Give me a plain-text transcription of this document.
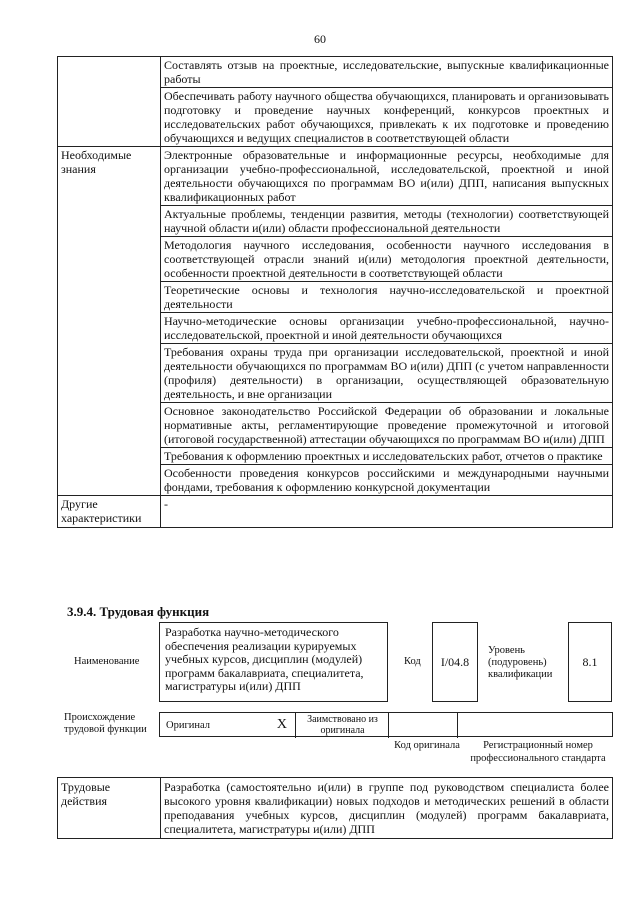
60
	Составлять отзыв на проектные, исследовательские, выпускные квалификационные работы
	Обеспечивать работу научного общества обучающихся, планировать и организовывать подготовку и проведение научных конференций, конкурсов проектных и исследовательских работ обучающихся, привлекать к их подготовке и проведению обучающихся и ведущих специалистов в соответствующей области
Необходимые знания	Электронные образовательные и информационные ресурсы, необходимые для организации учебно-профессиональной, исследовательской, проектной и иной деятельности обучающихся по программам ВО и(или) ДПП, написания выпускных квалификационных работ
	Актуальные проблемы, тенденции развития, методы (технологии) соответствующей научной области и(или) области профессиональной деятельности
	Методология научного исследования, особенности научного исследования в соответствующей отрасли знаний и(или) методология проектной деятельности, особенности проектной деятельности в соответствующей области
	Теоретические основы и технология научно-исследовательской и проектной деятельности
	Научно-методические основы организации учебно-профессиональной, научно-исследовательской, проектной и иной деятельности обучающихся
	Требования охраны труда при организации исследовательской, проектной и иной деятельности обучающихся по программам ВО и(или) ДПП (с учетом направленности (профиля) деятельности) в организации, осуществляющей образовательную деятельность, и вне организации
	Основное законодательство Российской Федерации об образовании и локальные нормативные акты, регламентирующие проведение промежуточной и итоговой (итоговой государственной) аттестации обучающихся по программам ВО и(или) ДПП
	Требования к оформлению проектных и исследовательских работ, отчетов о практике
	Особенности проведения конкурсов российскими и международными научными фондами, требования к оформлению конкурсной документации
Другие характеристики	-
3.9.4. Трудовая функция
Наименование
Разработка научно-методического обеспечения реализации курируемых учебных курсов, дисциплин (модулей) программ бакалавриата, специалитета, магистратуры и(или) ДПП
Код	I/04.8
Уровень (подуровень) квалификации
8.1
Происхождение трудовой функции	Оригинал	X	Заимствовано из оригинала
Код оригинала	Регистрационный номер профессионального стандарта
Трудовые действия	Разработка (самостоятельно и(или) в группе под руководством специалиста более высокого уровня квалификации) новых подходов и методических решений в области преподавания учебных курсов, дисциплин (модулей) программ бакалавриата, специалитета, магистратуры и(или) ДПП
